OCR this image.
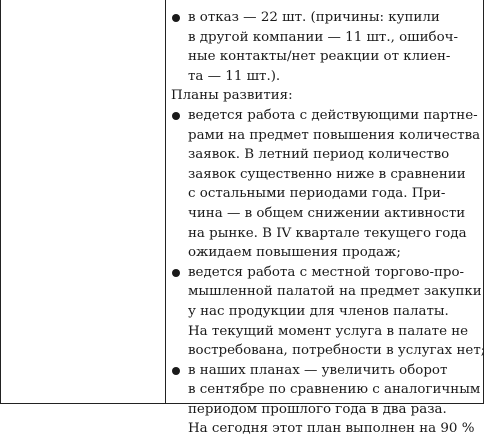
в отказ — 22 шт. (причины: купили
в другой компании — 11 шт., ошибоч-
ные контакты/нет реакции от клиен-
та — 11 шт.).
Планы развития:
ведется работа с действующими партне-
рами на предмет повышения количества
заявок. В летний период количество
заявок существенно ниже в сравнении
с остальными периодами года. При-
чина — в общем снижении активности
на рынке. В IV квартале текущего года
ожидаем повышения продаж;
ведется работа с местной торгово-про-
мышленной палатой на предмет закупки
у нас продукции для членов палаты.
На текущий момент услуга в палате не
востребована, потребности в услугах нет;
в наших планах — увеличить оборот
в сентябре по сравнению с аналогичным
периодом прошлого года в два раза.
На сегодня этот план выполнен на 90 %
